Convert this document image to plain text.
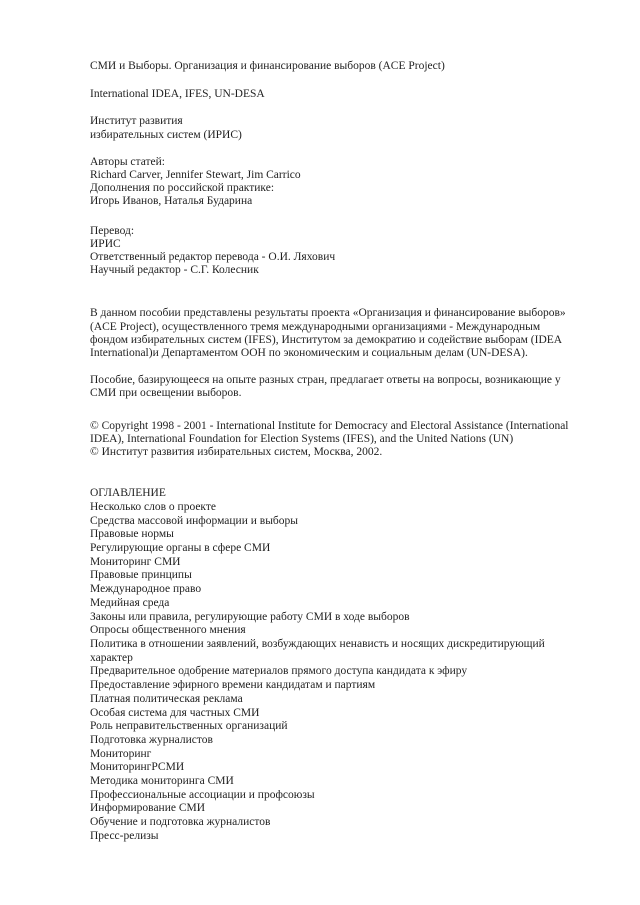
СМИ и Выборы. Организация и финансирование выборов (ACE Project)

International IDEA, IFES, UN-DESA

Институт развития

избирательных систем (ИРИС)

Авторы статей:

Richard Carver, Jennifer Stewart, Jim Carrico

Дополнения по российской практике:

Игорь Иванов, Наталья Бударина

Перевод:

ИРИС

Ответственный редактор перевода - О.И. Ляхович

Научный редактор - С.Г. Колесник

В данном пособии представлены результаты проекта «Организация и финансирование выборов» (ACE Project), осуществленного тремя международными организациями - Международным фондом избирательных систем (IFES), Институтом за демократию и содействие выборам (IDEA International)и Департаментом ООН по экономическим и социальным делам (UN-DESA).

Пособие, базирующееся на опыте разных стран, предлагает ответы на вопросы, возникающие у СМИ при освещении выборов.

© Copyright 1998 - 2001 - International Institute for Democracy and Electoral Assistance (International IDEA), International Foundation for Election Systems (IFES), and the United Nations (UN)

© Институт развития избирательных систем, Москва, 2002.

ОГЛАВЛЕНИЕ

Несколько слов о проекте
Средства массовой информации и выборы
Правовые нормы
Регулирующие органы в сфере СМИ
Мониторинг СМИ
Правовые принципы
Международное право
Медийная среда
Законы или правила, регулирующие работу СМИ в ходе выборов
Опросы общественного мнения
Политика в отношении заявлений, возбуждающих ненависть и носящих дискредитирующий характер
Предварительное одобрение материалов прямого доступа кандидата к эфиру
Предоставление эфирного времени кандидатам и партиям
Платная политическая реклама
Особая система для частных СМИ
Роль неправительственных организаций
Подготовка журналистов
Мониторинг
МониторингРСМИ
Методика мониторинга СМИ
Профессиональные ассоциации и профсоюзы
Информирование СМИ
Обучение и подготовка журналистов
Пресс-релизы
